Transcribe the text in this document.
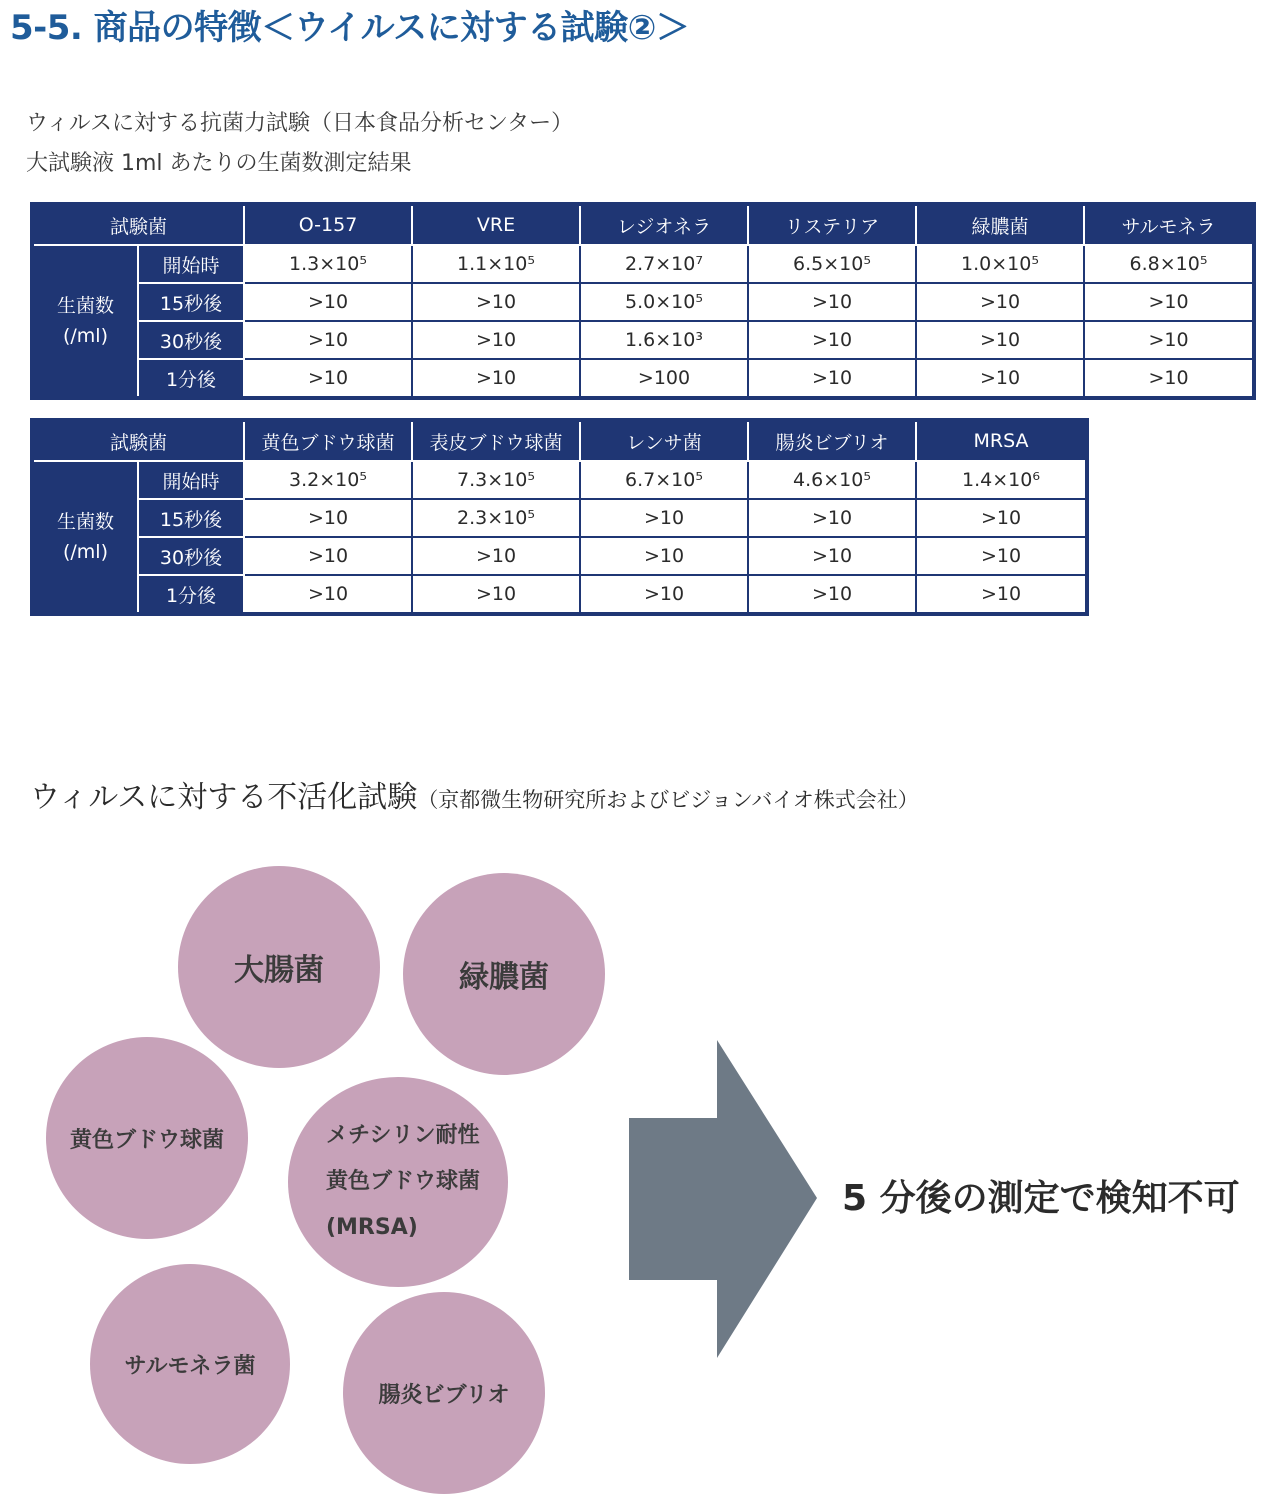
5-5. 商品の特徴＜ウイルスに対する試験②＞
ウィルスに対する抗菌力試験（日本食品分析センター）
大試験液 1ml あたりの生菌数測定結果
試験菌		O-157	VRE	レジオネラ	リステリア	緑膿菌	サルモネラ

生菌数
(/ml)	開始時	1.3×10⁵	1.1×10⁵	2.7×10⁷	6.5×10⁵	1.0×10⁵	6.8×10⁵
	15秒後	>10	>10	5.0×10⁵	>10	>10	>10
	30秒後	>10	>10	1.6×10³	>10	>10	>10
	1分後	>10	>10	>100	>10	>10	>10
試験菌		黄色ブドウ球菌	表皮ブドウ球菌	レンサ菌	腸炎ビブリオ	MRSA

生菌数
(/ml)	開始時	3.2×10⁵	7.3×10⁵	6.7×10⁵	4.6×10⁵	1.4×10⁶
	15秒後	>10	2.3×10⁵	>10	>10	>10
	30秒後	>10	>10	>10	>10	>10
	1分後	>10	>10	>10	>10	>10
ウィルスに対する不活化試験（京都微生物研究所およびビジョンバイオ株式会社）
大腸菌	緑膿菌
黄色ブドウ球菌	メチシリン耐性
黄色ブドウ球菌
(MRSA)
サルモネラ菌
腸炎ビブリオ
5 分後の測定で検知不可
